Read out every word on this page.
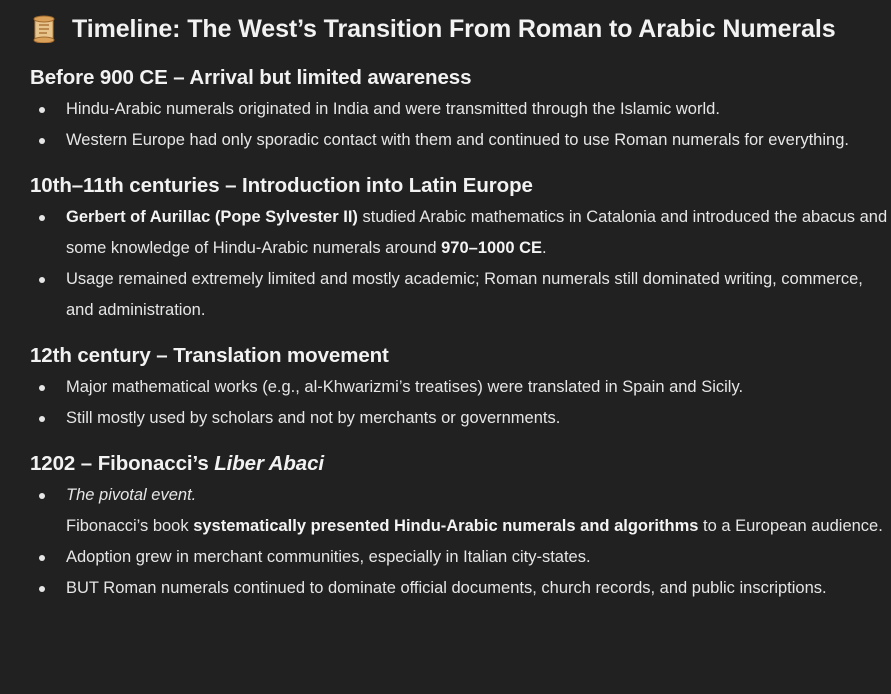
Timeline: The West’s Transition From Roman to Arabic Numerals
Before 900 CE – Arrival but limited awareness
Hindu-Arabic numerals originated in India and were transmitted through the Islamic world.
Western Europe had only sporadic contact with them and continued to use Roman numerals for everything.
10th–11th centuries – Introduction into Latin Europe
Gerbert of Aurillac (Pope Sylvester II) studied Arabic mathematics in Catalonia and introduced the abacus and some knowledge of Hindu-Arabic numerals around 970–1000 CE.
Usage remained extremely limited and mostly academic; Roman numerals still dominated writing, commerce, and administration.
12th century – Translation movement
Major mathematical works (e.g., al-Khwarizmi’s treatises) were translated in Spain and Sicily.
Still mostly used by scholars and not by merchants or governments.
1202 – Fibonacci’s Liber Abaci
The pivotal event.
Fibonacci’s book systematically presented Hindu-Arabic numerals and algorithms to a European audience.
Adoption grew in merchant communities, especially in Italian city-states.
BUT Roman numerals continued to dominate official documents, church records, and public inscriptions.
